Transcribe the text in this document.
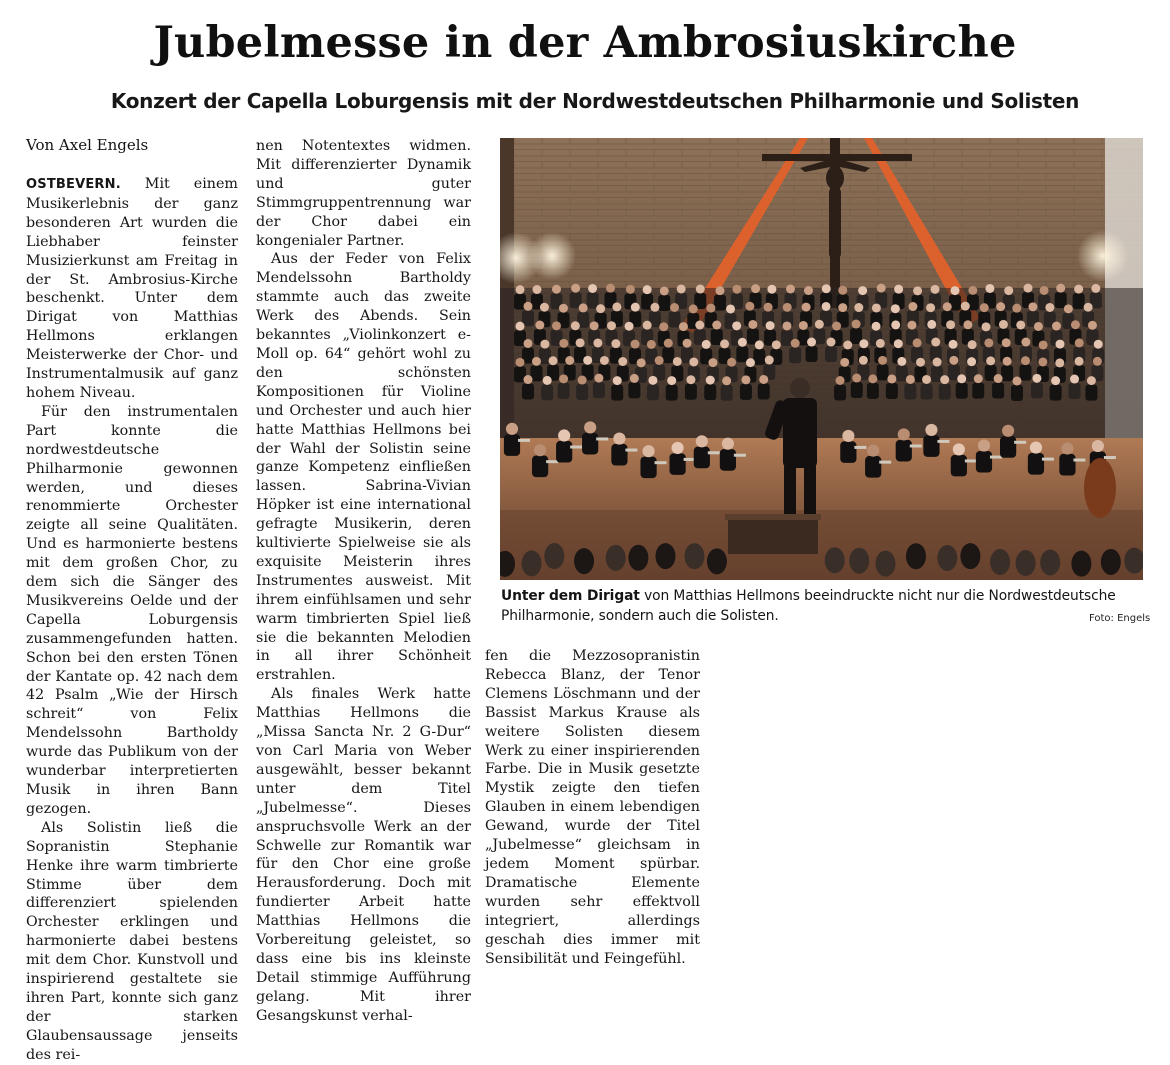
Jubelmesse in der Ambrosiuskirche
Konzert der Capella Loburgensis mit der Nordwestdeutschen Philharmonie und Solisten
Von Axel Engels

OSTBEVERN. Mit einem Musikerlebnis der ganz besonderen Art wurden die Liebhaber feinster Musizierkunst am Freitag in der St. Ambrosius-Kirche beschenkt. Unter dem Dirigat von Matthias Hellmons erklangen Meisterwerke der Chor- und Instrumentalmusik auf ganz hohem Niveau.

Für den instrumentalen Part konnte die nordwestdeutsche Philharmonie gewonnen werden, und dieses renommierte Orchester zeigte all seine Qualitäten. Und es harmonierte bestens mit dem großen Chor, zu dem sich die Sänger des Musikvereins Oelde und der Capella Loburgensis zusammengefunden hatten. Schon bei den ersten Tönen der Kantate op. 42 nach dem 42 Psalm „Wie der Hirsch schreit“ von Felix Mendelssohn Bartholdy wurde das Publikum von der wunderbar interpretierten Musik in ihren Bann gezogen.

Als Solistin ließ die Sopranistin Stephanie Henke ihre warm timbrierte Stimme über dem differenziert spielenden Orchester erklingen und harmonierte dabei bestens mit dem Chor. Kunstvoll und inspirierend gestaltete sie ihren Part, konnte sich ganz der starken Glaubensaussage jenseits des rei-

nen Notentextes widmen. Mit differenzierter Dynamik und guter Stimmgruppentrennung war der Chor dabei ein kongenialer Partner.

Aus der Feder von Felix Mendelssohn Bartholdy stammte auch das zweite Werk des Abends. Sein bekanntes „Violinkonzert e-Moll op. 64“ gehört wohl zu den schönsten Kompositionen für Violine und Orchester und auch hier hatte Matthias Hellmons bei der Wahl der Solistin seine ganze Kompetenz einfließen lassen. Sabrina-Vivian Höpker ist eine international gefragte Musikerin, deren kultivierte Spielweise sie als exquisite Meisterin ihres Instrumentes ausweist. Mit ihrem einfühlsamen und sehr warm timbrierten Spiel ließ sie die bekannten Melodien in all ihrer Schönheit erstrahlen.

Als finales Werk hatte Matthias Hellmons die „Missa Sancta Nr. 2 G-Dur“ von Carl Maria von Weber ausgewählt, besser bekannt unter dem Titel „Jubelmesse“. Dieses anspruchsvolle Werk an der Schwelle zur Romantik war für den Chor eine große Herausforderung. Doch mit fundierter Arbeit hatte Matthias Hellmons die Vorbereitung geleistet, so dass eine bis ins kleinste Detail stimmige Aufführung gelang. Mit ihrer Gesangskunst verhal-

fen die Mezzosopranistin Rebecca Blanz, der Tenor Clemens Löschmann und der Bassist Markus Krause als weitere Solisten diesem Werk zu einer inspirierenden Farbe. Die in Musik gesetzte Mystik zeigte den tiefen Glauben in einem lebendigen Gewand, wurde der Titel „Jubelmesse“ gleichsam in jedem Moment spürbar. Dramatische Elemente wurden sehr effektvoll integriert, allerdings geschah dies immer mit Sensibilität und Feingefühl.

Unter dem Dirigat von Matthias Hellmons beeindruckte nicht nur die Nordwestdeutsche Philharmonie, sondern auch die Solisten.	Foto: Engels
